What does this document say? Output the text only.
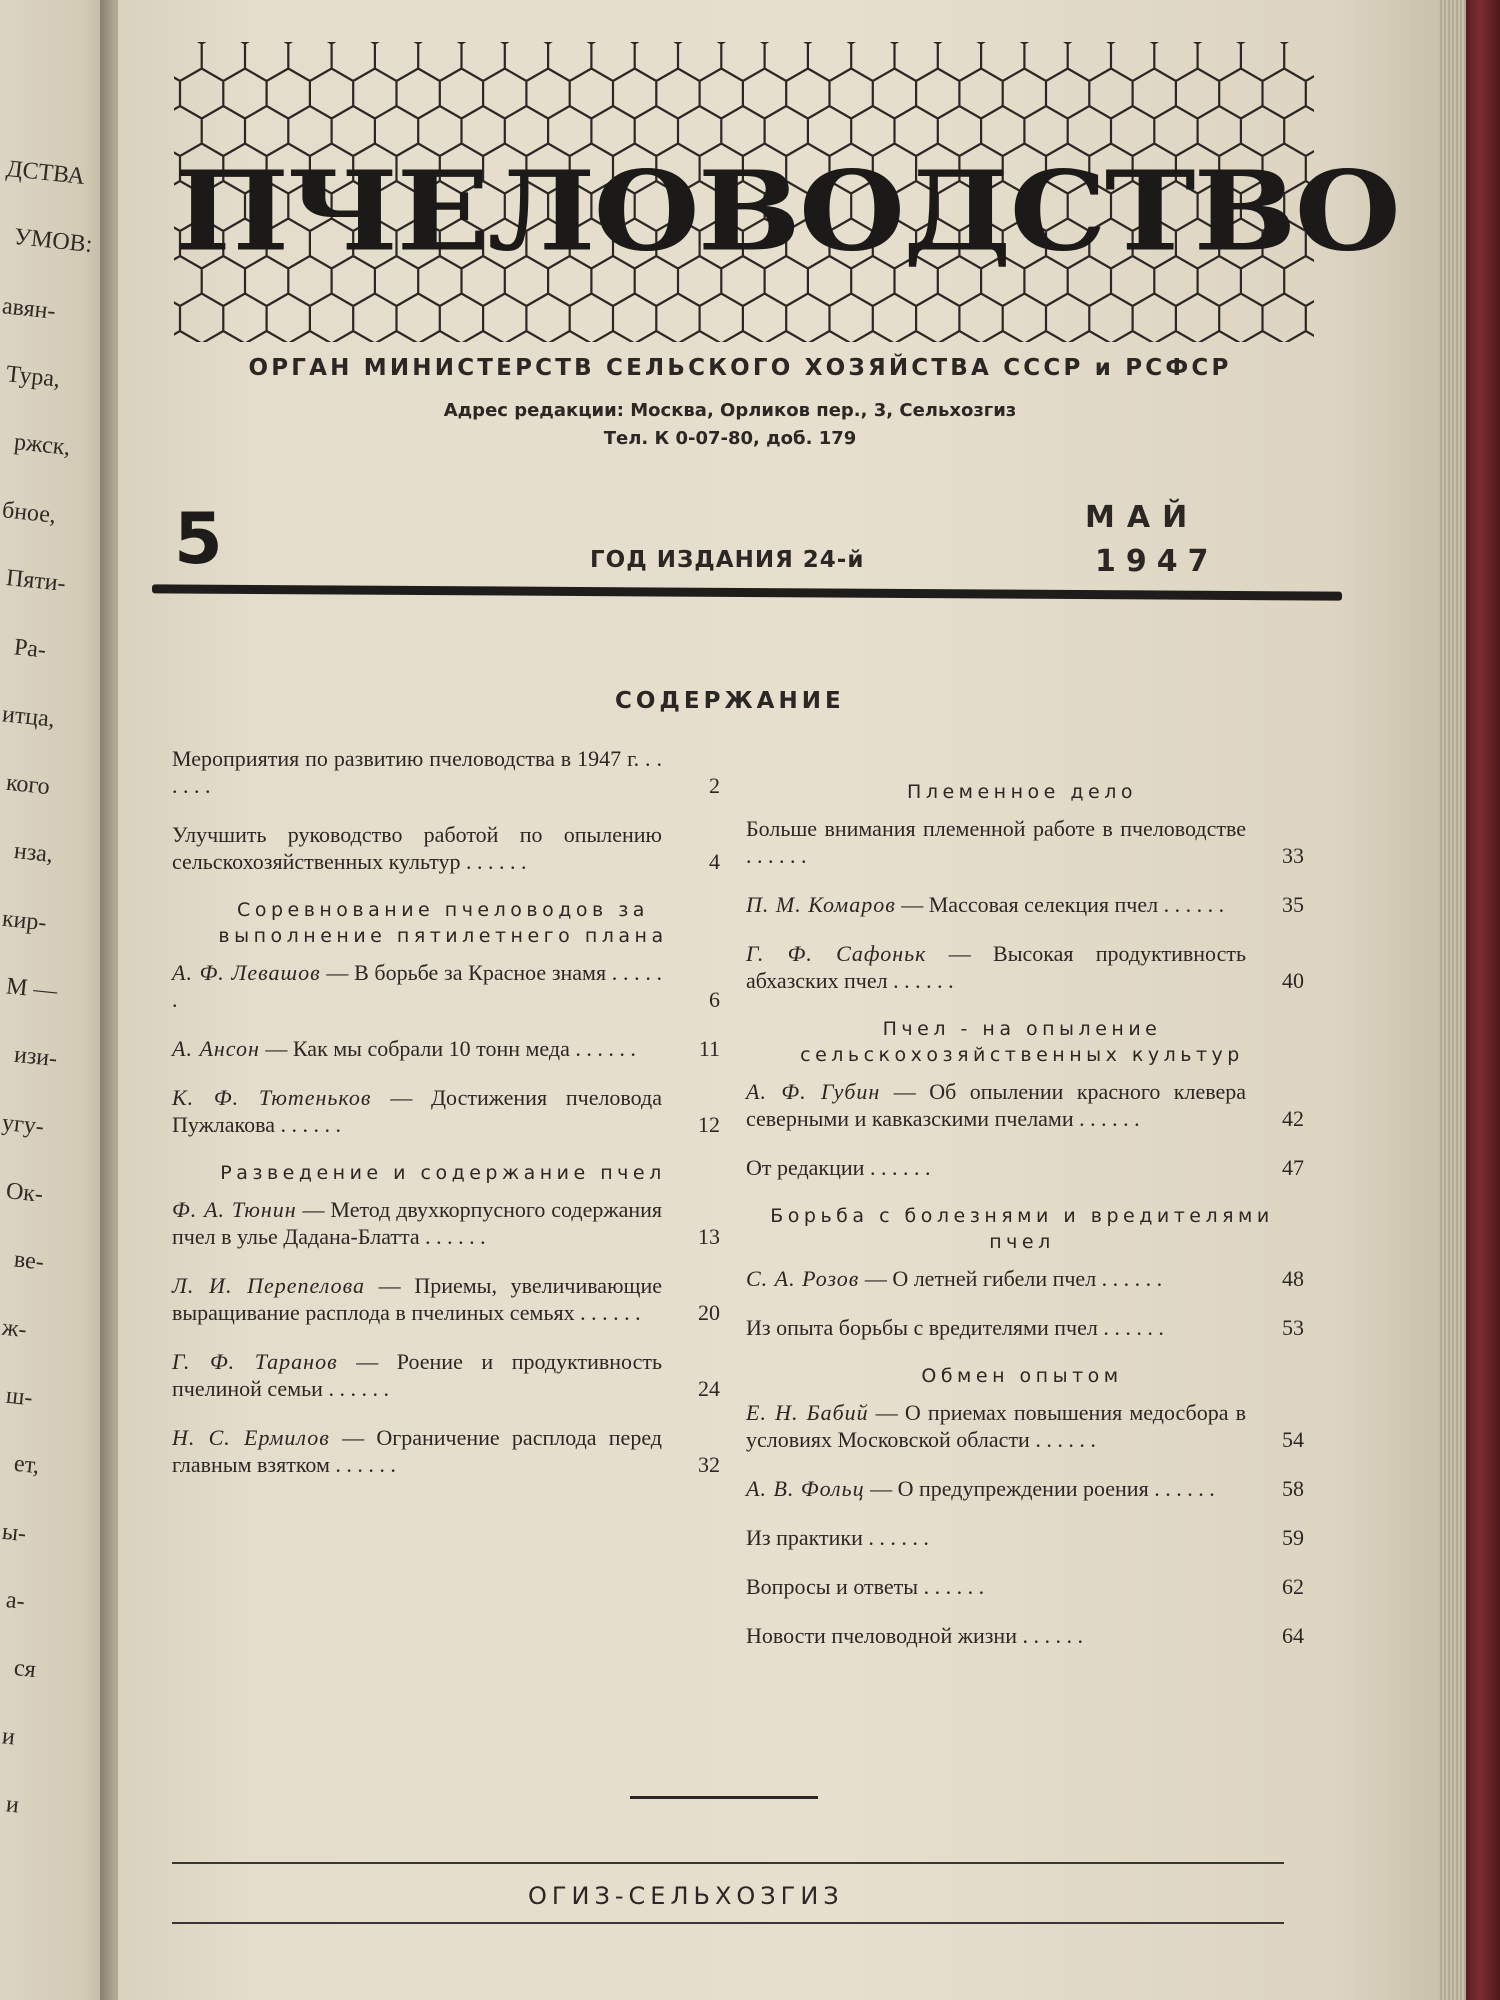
ДСТВА
УМОВ:
авян-
Тура,
ржск,
бное,
Пяти-
Ра-
итца,
кого
нза,
кир-
М —
изи-
угу-
Ок-
ве-
ж-
ш-
ет,
ы-
а-
ся
и
и
ПЧЕЛОВОДСТВО
ОРГАН МИНИСТЕРСТВ СЕЛЬСКОГО ХОЗЯЙСТВА СССР и РСФСР
Адрес редакции: Москва, Орликов пер., 3, Сельхозгиз
Тел. К 0-07-80, доб. 179
5	ГОД ИЗДАНИЯ 24-й
МАЙ
1947
СОДЕРЖАНИЕ
Мероприятия по развитию пчеловодства в 1947 г. . . . . . .	2
Улучшить руководство работой по опылению сельскохозяйственных культур . . . . . .	4
Соревнование пчеловодов за выполнение пятилетнего плана
А. Ф. Левашов — В борьбе за Красное знамя . . . . . .	6
А. Ансон — Как мы собрали 10 тонн меда . . . . . .	11
К. Ф. Тютеньков — Достижения пчеловода Пужлакова . . . . . .	12
Разведение и содержание пчел
Ф. А. Тюнин — Метод двухкорпусного содержания пчел в улье Дадана-Блатта . . . . . .	13
Л. И. Перепелова — Приемы, увеличивающие выращивание расплода в пчелиных семьях . . . . . .	20
Г. Ф. Таранов — Роение и продуктивность пчелиной семьи . . . . . .	24
Н. С. Ермилов — Ограничение расплода перед главным взятком . . . . . .	32
Племенное дело
Больше внимания племенной работе в пчеловодстве . . . . . .	33
П. М. Комаров — Массовая селекция пчел . . . . . .	35
Г. Ф. Сафоньк — Высокая продуктивность абхазских пчел . . . . . .	40
Пчел - на опыление сельскохозяйственных культур
А. Ф. Губин — Об опылении красного клевера северными и кавказскими пчелами . . . . . .	42
От редакции . . . . . .	47
Борьба с болезнями и вредителями пчел
С. А. Розов — О летней гибели пчел . . . . . .	48
Из опыта борьбы с вредителями пчел . . . . . .	53
Обмен опытом
Е. Н. Бабий — О приемах повышения медосбора в условиях Московской области . . . . . .	54
А. В. Фольц — О предупреждении роения . . . . . .	58
Из практики . . . . . .	59
Вопросы и ответы . . . . . .	62
Новости пчеловодной жизни . . . . . .	64
ОГИЗ-СЕЛЬХОЗГИЗ
